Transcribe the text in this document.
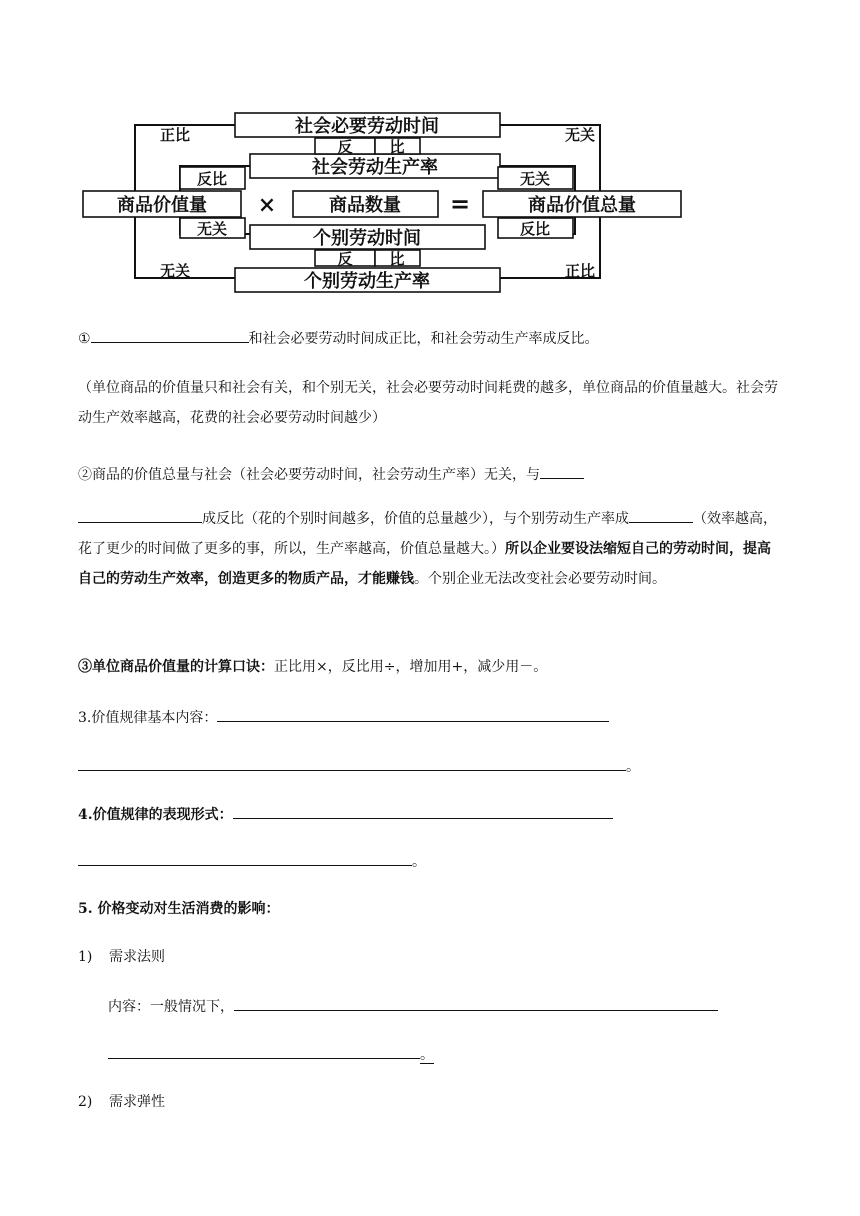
社会必要劳动时间
社会劳动生产率
商品价值量	商品数量	商品价值总量
个别劳动时间
个别劳动生产率
×	=
正比	无关
反 比
反比	无关
无关	反比
反 比
无关	正比
①	和社会必要劳动时间成正比，和社会劳动生产率成反比。
（单位商品的价值量只和社会有关，和个别无关，社会必要劳动时间耗费的越多，单位商品的价值量越大。社会劳动生产效率越高，花费的社会必要劳动时间越少）
②商品的价值总量与社会（社会必要劳动时间，社会劳动生产率）无关，与
成反比（花的个别时间越多，价值的总量越少），与个别劳动生产率成	（效率越高，花了更少的时间做了更多的事，所以，生产率越高，价值总量越大。）所以企业要设法缩短自己的劳动时间，提高自己的劳动生产效率，创造更多的物质产品，才能赚钱。个别企业无法改变社会必要劳动时间。
③单位商品价值量的计算口诀：正比用×，反比用÷，增加用+，减少用－。
3.价值规律基本内容：
。
4.价值规律的表现形式：
。
5. 价格变动对生活消费的影响：
1) 需求法则
内容：一般情况下，
。
2) 需求弹性
